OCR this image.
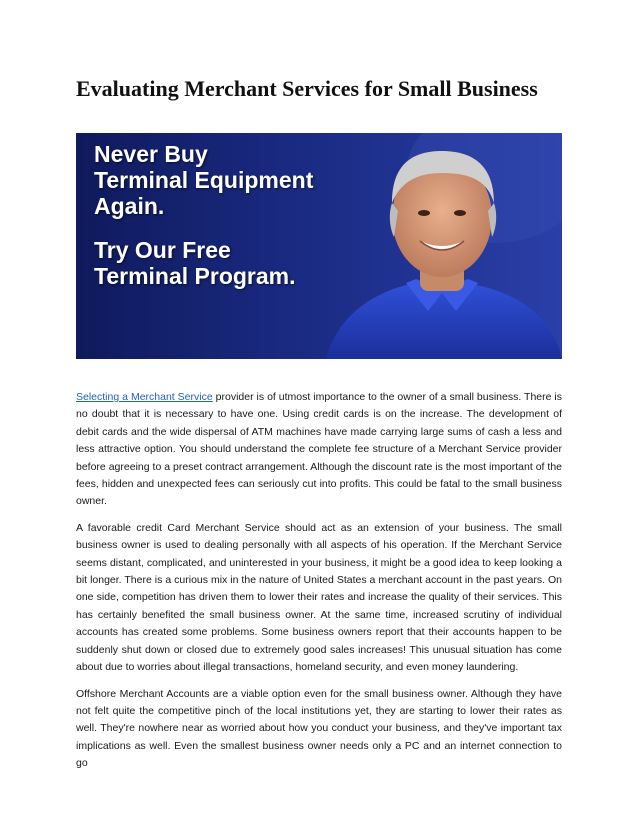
Evaluating Merchant Services for Small Business
Never Buy
Terminal Equipment
Again.
Try Our Free
Terminal Program.

Selecting a Merchant Service provider is of utmost importance to the owner of a small business. There is no doubt that it is necessary to have one. Using credit cards is on the increase. The development of debit cards and the wide dispersal of ATM machines have made carrying large sums of cash a less and less attractive option. You should understand the complete fee structure of a Merchant Service provider before agreeing to a preset contract arrangement. Although the discount rate is the most important of the fees, hidden and unexpected fees can seriously cut into profits. This could be fatal to the small business owner.

A favorable credit Card Merchant Service should act as an extension of your business. The small business owner is used to dealing personally with all aspects of his operation. If the Merchant Service seems distant, complicated, and uninterested in your business, it might be a good idea to keep looking a bit longer. There is a curious mix in the nature of United States a merchant account in the past years. On one side, competition has driven them to lower their rates and increase the quality of their services. This has certainly benefited the small business owner. At the same time, increased scrutiny of individual accounts has created some problems. Some business owners report that their accounts happen to be suddenly shut down or closed due to extremely good sales increases! This unusual situation has come about due to worries about illegal transactions, homeland security, and even money laundering.

Offshore Merchant Accounts are a viable option even for the small business owner. Although they have not felt quite the competitive pinch of the local institutions yet, they are starting to lower their rates as well. They're nowhere near as worried about how you conduct your business, and they've important tax implications as well. Even the smallest business owner needs only a PC and an internet connection to go
